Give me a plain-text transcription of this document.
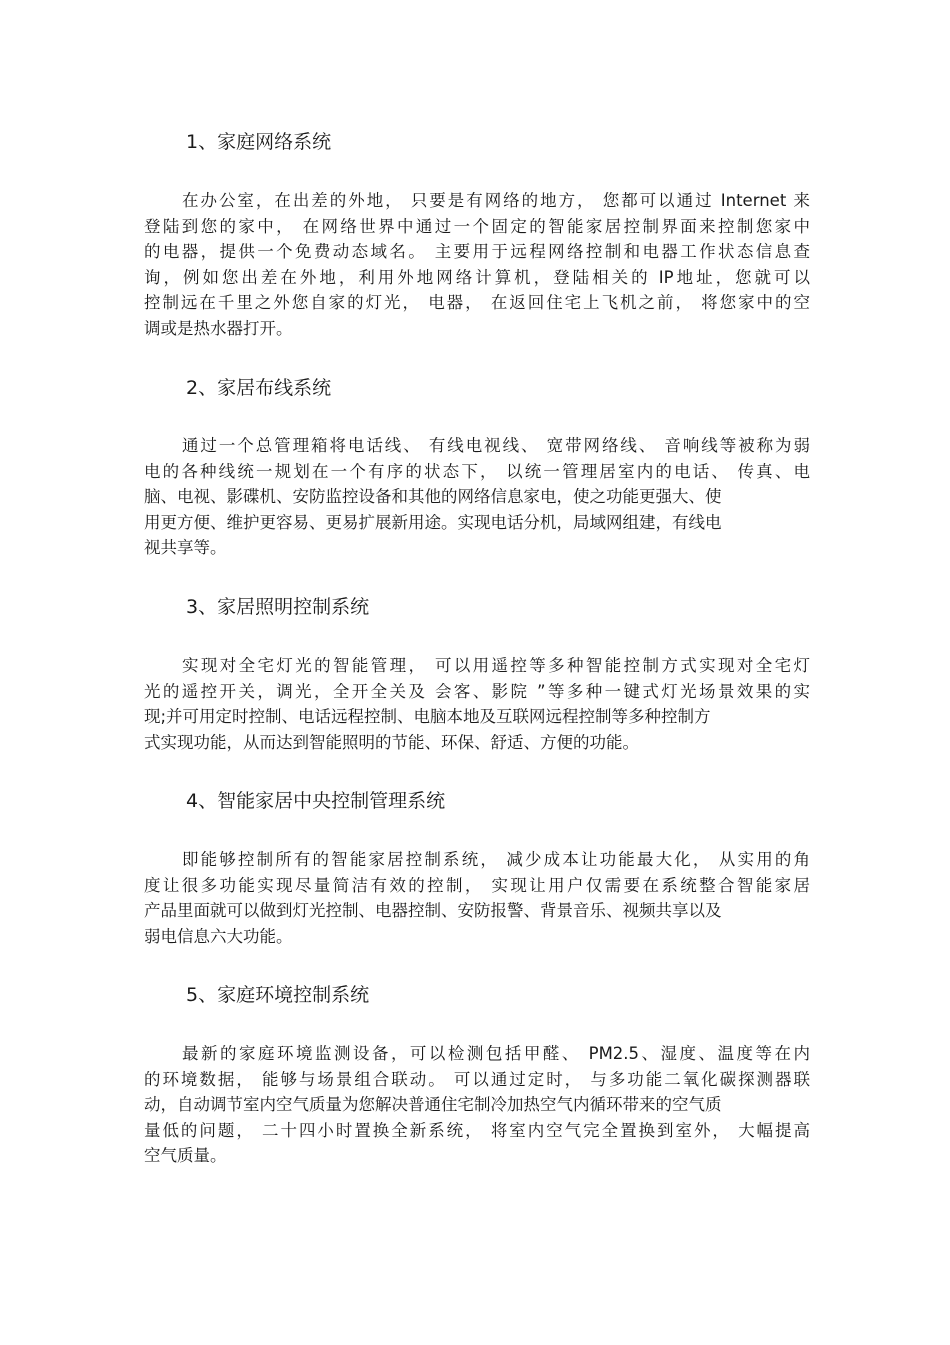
1、家庭网络系统
在办公室，在出差的外地， 只要是有网络的地方， 您都可以通过 Internet 来
登陆到您的家中， 在网络世界中通过一个固定的智能家居控制界面来控制您家中
的电器，提供一个免费动态域名。 主要用于远程网络控制和电器工作状态信息查
询，例如您出差在外地，利用外地网络计算机，登陆相关的 IP地址，您就可以
控制远在千里之外您自家的灯光， 电器， 在返回住宅上飞机之前， 将您家中的空
调或是热水器打开。
2、家居布线系统
通过一个总管理箱将电话线、 有线电视线、 宽带网络线、 音响线等被称为弱
电的各种线统一规划在一个有序的状态下， 以统一管理居室内的电话、 传真、电
脑、电视、影碟机、安防监控设备和其他的网络信息家电，使之功能更强大、使
用更方便、维护更容易、更易扩展新用途。实现电话分机，局域网组建，有线电
视共享等。
3、家居照明控制系统
实现对全宅灯光的智能管理， 可以用遥控等多种智能控制方式实现对全宅灯
光的遥控开关，调光，全开全关及 会客、影院 ”等多种一键式灯光场景效果的实
现;并可用定时控制、电话远程控制、电脑本地及互联网远程控制等多种控制方
式实现功能，从而达到智能照明的节能、环保、舒适、方便的功能。
4、智能家居中央控制管理系统
即能够控制所有的智能家居控制系统， 减少成本让功能最大化， 从实用的角
度让很多功能实现尽量简洁有效的控制， 实现让用户仅需要在系统整合智能家居
产品里面就可以做到灯光控制、电器控制、安防报警、背景音乐、视频共享以及
弱电信息六大功能。
5、家庭环境控制系统
最新的家庭环境监测设备，可以检测包括甲醛、 PM2.5、湿度、温度等在内
的环境数据， 能够与场景组合联动。 可以通过定时， 与多功能二氧化碳探测器联
动，自动调节室内空气质量为您解决普通住宅制冷加热空气内循环带来的空气质
量低的问题， 二十四小时置换全新系统， 将室内空气完全置换到室外， 大幅提高
空气质量。
